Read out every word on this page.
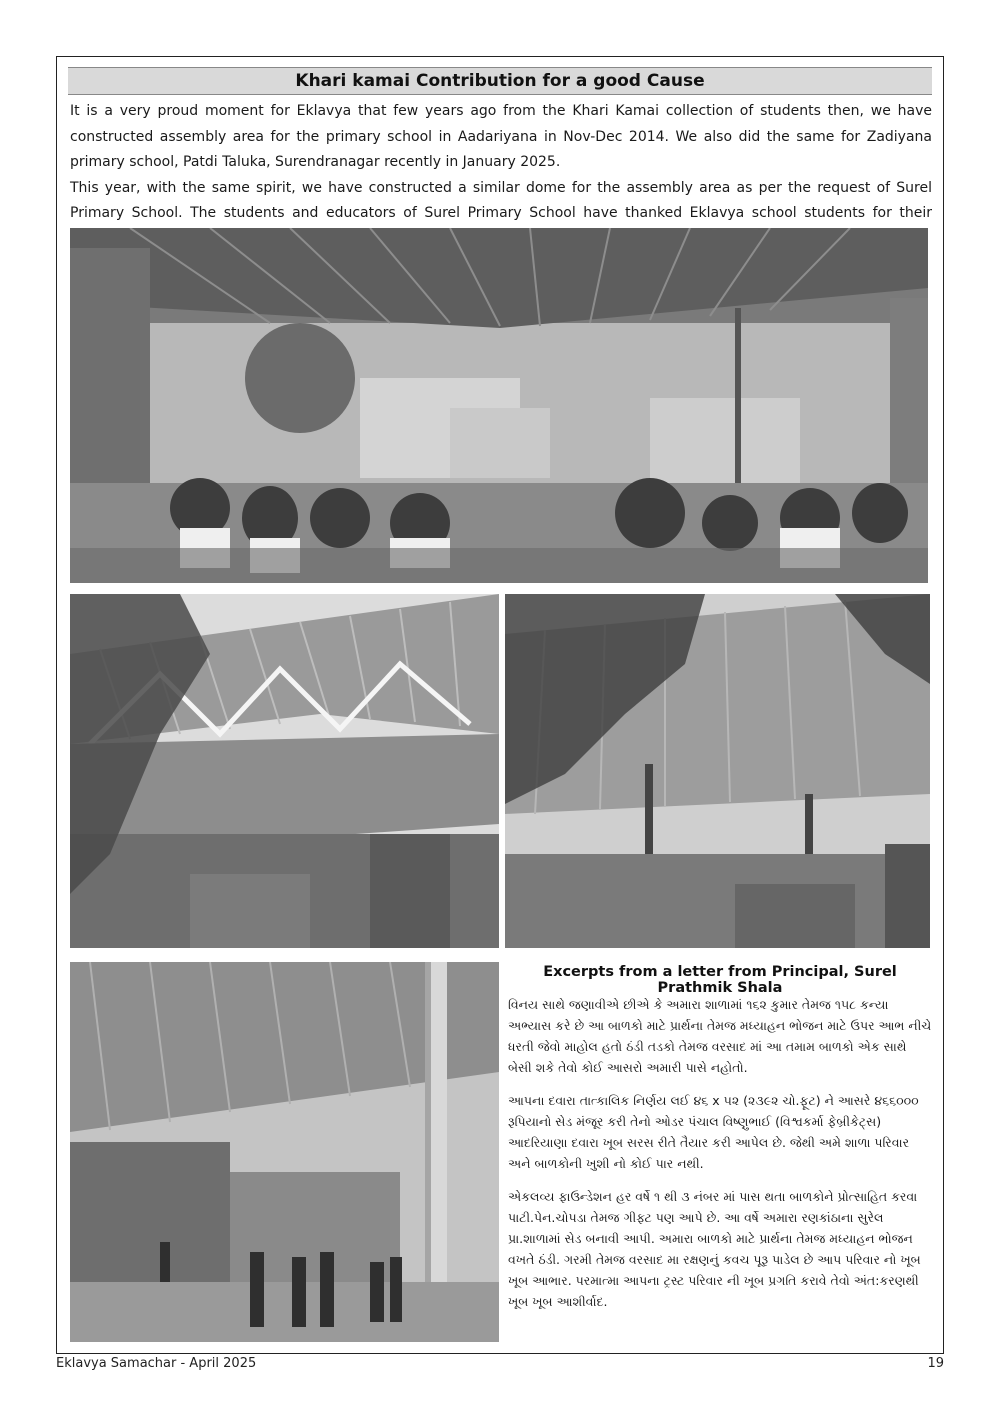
Khari kamai Contribution for a good Cause

It is a very proud moment for Eklavya that few years ago from the Khari Kamai collection of students then, we have constructed assembly area for the primary school in Aadariyana in Nov-Dec 2014. We also did the same for Zadiyana primary school, Patdi Taluka, Surendranagar recently in January 2025.

This year, with the same spirit, we have constructed a similar dome for the assembly area as per the request of Surel Primary School. The students and educators of Surel Primary School have thanked Eklavya school students for their

Excerpts from a letter from Principal, Surel Prathmik Shala

વિનય સાથે જણાવીએ છીએ કે અમારા શાળામાં ૧૬૨ કુમાર તેમજ ૧૫૮ કન્યા અભ્યાસ કરે છે આ બાળકો માટે પ્રાર્થના તેમજ મધ્યાહન ભોજન માટે ઉપર આભ નીચે ધરતી જેવો માહોલ હતો ઠંડી તડકો તેમજ વરસાદ માં આ તમામ બાળકો એક સાથે બેસી શકે તેવો કોઈ આસરો અમારી પાસે નહોતો.

આપના દવારા તાત્કાલિક નિર્ણય લઈ ૪૬ x ૫૨ (૨૩૯૨ ચો.ફૂટ) ને આસરે ૪૬૬૦૦૦ રૂપિયાનો સેડ મંજૂર કરી તેનો ઓડર પંચાલ વિષ્ણુભાઈ (વિશ્વકર્મા ફેબ્રીકેટ્સ) આદરિયાણા દવારા ખૂબ સરસ રીતે તૈયાર કરી આપેલ છે. જેથી અમે શાળા પરિવાર અને બાળકોની ખુશી નો કોઈ પાર નથી.

એકલવ્ય ફાઉન્ડેશન હર વર્ષે ૧ થી ૩ નંબર માં પાસ થતા બાળકોને પ્રોત્સાહિત કરવા પાટી.પેન.ચોપડા તેમજ ગીફ્ટ પણ આપે છે. આ વર્ષે અમારા રણકાંઠાના સુરેલ પ્રા.શાળામાં સેડ બનાવી આપી. અમારા બાળકો માટે પ્રાર્થના તેમજ મધ્યાહન ભોજન વખતે ઠંડી. ગરમી તેમજ વરસાદ મા રક્ષણનું કવચ પૂરૂ પાડેલ છે આપ પરિવાર નો ખૂબ ખૂબ આભાર. પરમાત્મા આપના ટ્રસ્ટ પરિવાર ની ખૂબ પ્રગતિ કરાવે તેવો અંત:કરણથી ખૂબ ખૂબ આશીર્વાદ.

Eklavya Samachar - April 2025	19
